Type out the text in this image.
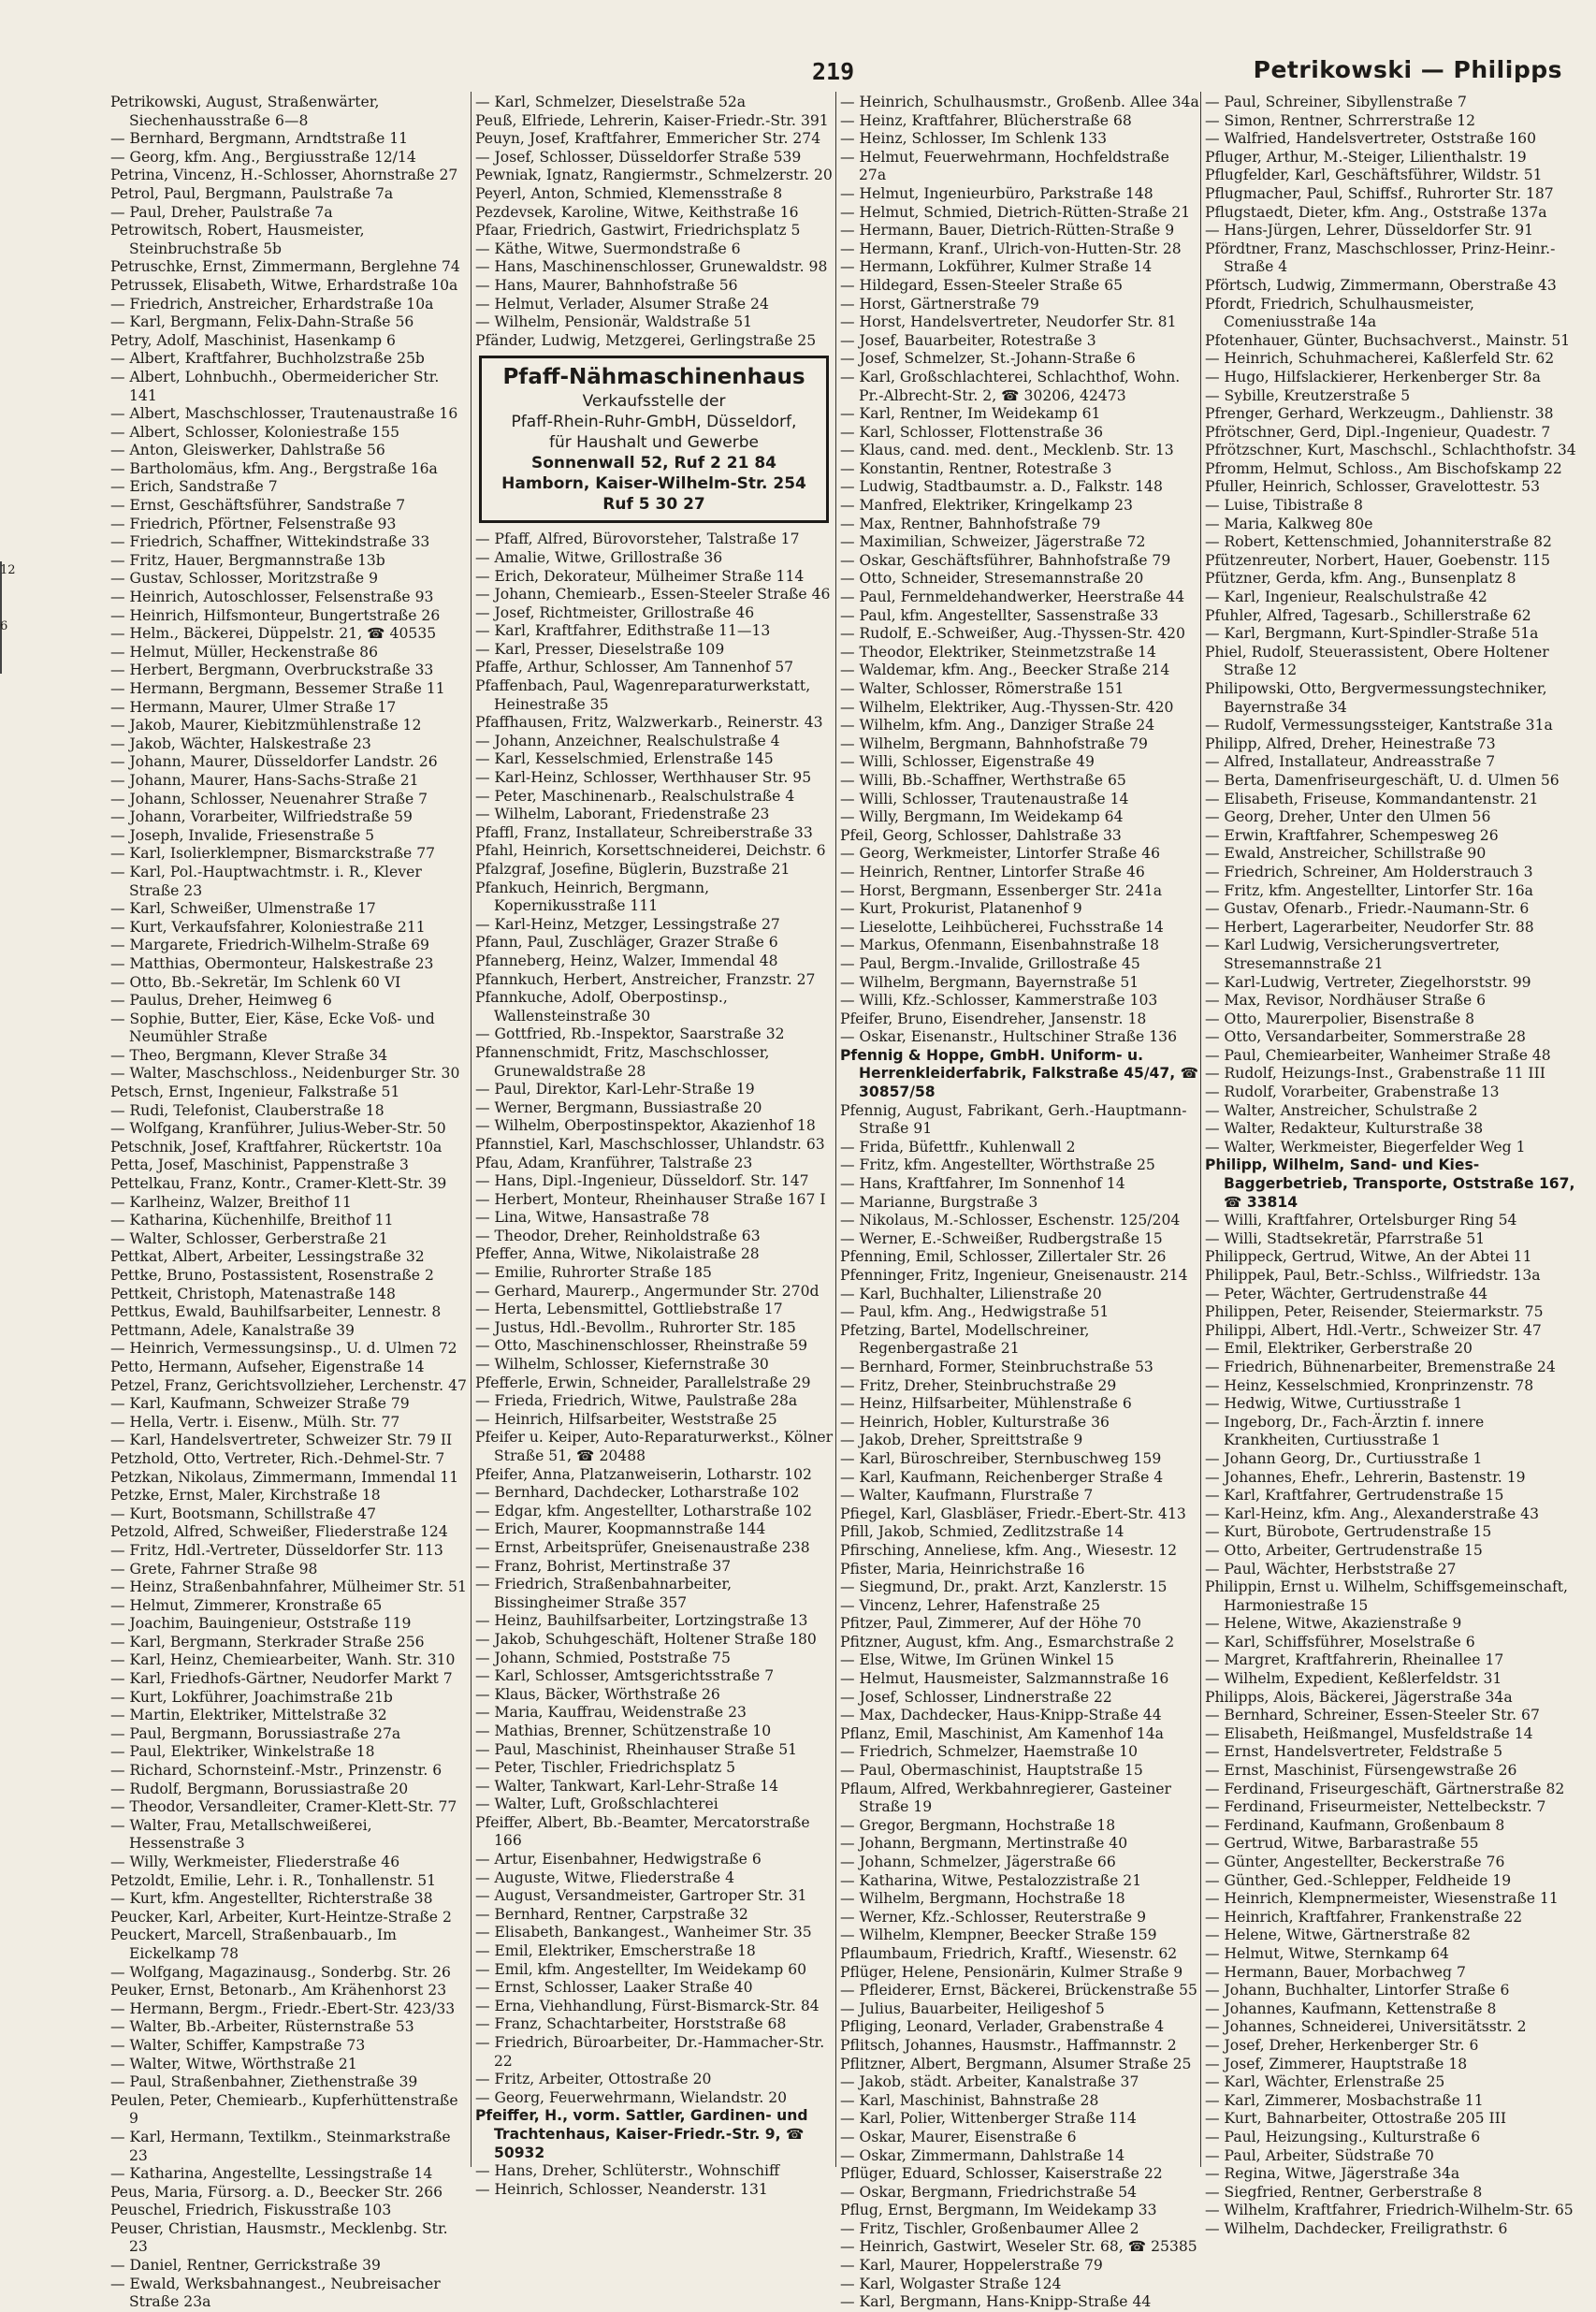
12
6
219	Petrikowski — Philipps

Petrikowski, August, Straßenwärter, Siechenhausstraße 6—8

— Bernhard, Bergmann, Arndtstraße 11

— Georg, kfm. Ang., Bergiusstraße 12/14

Petrina, Vincenz, H.-Schlosser, Ahornstraße 27

Petrol, Paul, Bergmann, Paulstraße 7a

— Paul, Dreher, Paulstraße 7a

Petrowitsch, Robert, Hausmeister, Steinbruchstraße 5b

Petruschke, Ernst, Zimmermann, Berglehne 74

Petrussek, Elisabeth, Witwe, Erhardstraße 10a

— Friedrich, Anstreicher, Erhardstraße 10a

— Karl, Bergmann, Felix-Dahn-Straße 56

Petry, Adolf, Maschinist, Hasenkamp 6

— Albert, Kraftfahrer, Buchholzstraße 25b

— Albert, Lohnbuchh., Obermeidericher Str. 141

— Albert, Maschschlosser, Trautenaustraße 16

— Albert, Schlosser, Koloniestraße 155

— Anton, Gleiswerker, Dahlstraße 56

— Bartholomäus, kfm. Ang., Bergstraße 16a

— Erich, Sandstraße 7

— Ernst, Geschäftsführer, Sandstraße 7

— Friedrich, Pförtner, Felsenstraße 93

— Friedrich, Schaffner, Wittekindstraße 33

— Fritz, Hauer, Bergmannstraße 13b

— Gustav, Schlosser, Moritzstraße 9

— Heinrich, Autoschlosser, Felsenstraße 93

— Heinrich, Hilfsmonteur, Bungertstraße 26

— Helm., Bäckerei, Düppelstr. 21, ☎ 40535

— Helmut, Müller, Heckenstraße 86

— Herbert, Bergmann, Overbruckstraße 33

— Hermann, Bergmann, Bessemer Straße 11

— Hermann, Maurer, Ulmer Straße 17

— Jakob, Maurer, Kiebitzmühlenstraße 12

— Jakob, Wächter, Halskestraße 23

— Johann, Maurer, Düsseldorfer Landstr. 26

— Johann, Maurer, Hans-Sachs-Straße 21

— Johann, Schlosser, Neuenahrer Straße 7

— Johann, Vorarbeiter, Wilfriedstraße 59

— Joseph, Invalide, Friesenstraße 5

— Karl, Isolierklempner, Bismarckstraße 77

— Karl, Pol.-Hauptwachtmstr. i. R., Klever Straße 23

— Karl, Schweißer, Ulmenstraße 17

— Kurt, Verkaufsfahrer, Koloniestraße 211

— Margarete, Friedrich-Wilhelm-Straße 69

— Matthias, Obermonteur, Halskestraße 23

— Otto, Bb.-Sekretär, Im Schlenk 60 VI

— Paulus, Dreher, Heimweg 6

— Sophie, Butter, Eier, Käse, Ecke Voß- und Neumühler Straße

— Theo, Bergmann, Klever Straße 34

— Walter, Maschschloss., Neidenburger Str. 30

Petsch, Ernst, Ingenieur, Falkstraße 51

— Rudi, Telefonist, Clauberstraße 18

— Wolfgang, Kranführer, Julius-Weber-Str. 50

Petschnik, Josef, Kraftfahrer, Rückertstr. 10a

Petta, Josef, Maschinist, Pappenstraße 3

Pettelkau, Franz, Kontr., Cramer-Klett-Str. 39

— Karlheinz, Walzer, Breithof 11

— Katharina, Küchenhilfe, Breithof 11

— Walter, Schlosser, Gerberstraße 21

Pettkat, Albert, Arbeiter, Lessingstraße 32

Pettke, Bruno, Postassistent, Rosenstraße 2

Pettkeit, Christoph, Matenastraße 148

Pettkus, Ewald, Bauhilfsarbeiter, Lennestr. 8

Pettmann, Adele, Kanalstraße 39

— Heinrich, Vermessungsinsp., U. d. Ulmen 72

Petto, Hermann, Aufseher, Eigenstraße 14

Petzel, Franz, Gerichtsvollzieher, Lerchenstr. 47

— Karl, Kaufmann, Schweizer Straße 79

— Hella, Vertr. i. Eisenw., Mülh. Str. 77

— Karl, Handelsvertreter, Schweizer Str. 79 II

Petzhold, Otto, Vertreter, Rich.-Dehmel-Str. 7

Petzkan, Nikolaus, Zimmermann, Immendal 11

Petzke, Ernst, Maler, Kirchstraße 18

— Kurt, Bootsmann, Schillstraße 47

Petzold, Alfred, Schweißer, Fliederstraße 124

— Fritz, Hdl.-Vertreter, Düsseldorfer Str. 113

— Grete, Fahrner Straße 98

— Heinz, Straßenbahnfahrer, Mülheimer Str. 51

— Helmut, Zimmerer, Kronstraße 65

— Joachim, Bauingenieur, Oststraße 119

— Karl, Bergmann, Sterkrader Straße 256

— Karl, Heinz, Chemiearbeiter, Wanh. Str. 310

— Karl, Friedhofs-Gärtner, Neudorfer Markt 7

— Kurt, Lokführer, Joachimstraße 21b

— Martin, Elektriker, Mittelstraße 32

— Paul, Bergmann, Borussiastraße 27a

— Paul, Elektriker, Winkelstraße 18

— Richard, Schornsteinf.-Mstr., Prinzenstr. 6

— Rudolf, Bergmann, Borussiastraße 20

— Theodor, Versandleiter, Cramer-Klett-Str. 77

— Walter, Frau, Metallschweißerei, Hessenstraße 3

— Willy, Werkmeister, Fliederstraße 46

Petzoldt, Emilie, Lehr. i. R., Tonhallenstr. 51

— Kurt, kfm. Angestellter, Richterstraße 38

Peucker, Karl, Arbeiter, Kurt-Heintze-Straße 2

Peuckert, Marcell, Straßenbauarb., Im Eickelkamp 78

— Wolfgang, Magazinausg., Sonderbg. Str. 26

Peuker, Ernst, Betonarb., Am Krähenhorst 23

— Hermann, Bergm., Friedr.-Ebert-Str. 423/33

— Walter, Bb.-Arbeiter, Rüsternstraße 53

— Walter, Schiffer, Kampstraße 73

— Walter, Witwe, Wörthstraße 21

— Paul, Straßenbahner, Ziethenstraße 39

Peulen, Peter, Chemiearb., Kupferhüttenstraße 9

— Karl, Hermann, Textilkm., Steinmarkstraße 23

— Katharina, Angestellte, Lessingstraße 14

Peus, Maria, Fürsorg. a. D., Beecker Str. 266

Peuschel, Friedrich, Fiskusstraße 103

Peuser, Christian, Hausmstr., Mecklenbg. Str. 23

— Daniel, Rentner, Gerrickstraße 39

— Ewald, Werksbahnangest., Neubreisacher Straße 23a

— Karl, Schmelzer, Dieselstraße 52a

Peuß, Elfriede, Lehrerin, Kaiser-Friedr.-Str. 391

Peuyn, Josef, Kraftfahrer, Emmericher Str. 274

— Josef, Schlosser, Düsseldorfer Straße 539

Pewniak, Ignatz, Rangiermstr., Schmelzerstr. 20

Peyerl, Anton, Schmied, Klemensstraße 8

Pezdevsek, Karoline, Witwe, Keithstraße 16

Pfaar, Friedrich, Gastwirt, Friedrichsplatz 5

— Käthe, Witwe, Suermondstraße 6

— Hans, Maschinenschlosser, Grunewaldstr. 98

— Hans, Maurer, Bahnhofstraße 56

— Helmut, Verlader, Alsumer Straße 24

— Wilhelm, Pensionär, Waldstraße 51

Pfänder, Ludwig, Metzgerei, Gerlingstraße 25

Pfaff-Nähmaschinenhaus
Verkaufsstelle der
Pfaff-Rhein-Ruhr-GmbH, Düsseldorf,
für Haushalt und Gewerbe
Sonnenwall 52, Ruf 2 21 84
Hamborn, Kaiser-Wilhelm-Str. 254
Ruf 5 30 27

— Pfaff, Alfred, Bürovorsteher, Talstraße 17

— Amalie, Witwe, Grillostraße 36

— Erich, Dekorateur, Mülheimer Straße 114

— Johann, Chemiearb., Essen-Steeler Straße 46

— Josef, Richtmeister, Grillostraße 46

— Karl, Kraftfahrer, Edithstraße 11—13

— Karl, Presser, Dieselstraße 109

Pfaffe, Arthur, Schlosser, Am Tannenhof 57

Pfaffenbach, Paul, Wagenreparaturwerkstatt, Heinestraße 35

Pfaffhausen, Fritz, Walzwerkarb., Reinerstr. 43

— Johann, Anzeichner, Realschulstraße 4

— Karl, Kesselschmied, Erlenstraße 145

— Karl-Heinz, Schlosser, Werthhauser Str. 95

— Peter, Maschinenarb., Realschulstraße 4

— Wilhelm, Laborant, Friedenstraße 23

Pfaffl, Franz, Installateur, Schreiberstraße 33

Pfahl, Heinrich, Korsettschneiderei, Deichstr. 6

Pfalzgraf, Josefine, Büglerin, Buzstraße 21

Pfankuch, Heinrich, Bergmann, Kopernikusstraße 111

— Karl-Heinz, Metzger, Lessingstraße 27

Pfann, Paul, Zuschläger, Grazer Straße 6

Pfanneberg, Heinz, Walzer, Immendal 48

Pfannkuch, Herbert, Anstreicher, Franzstr. 27

Pfannkuche, Adolf, Oberpostinsp., Wallensteinstraße 30

— Gottfried, Rb.-Inspektor, Saarstraße 32

Pfannenschmidt, Fritz, Maschschlosser, Grunewaldstraße 28

— Paul, Direktor, Karl-Lehr-Straße 19

— Werner, Bergmann, Bussiastraße 20

— Wilhelm, Oberpostinspektor, Akazienhof 18

Pfannstiel, Karl, Maschschlosser, Uhlandstr. 63

Pfau, Adam, Kranführer, Talstraße 23

— Hans, Dipl.-Ingenieur, Düsseldorf. Str. 147

— Herbert, Monteur, Rheinhauser Straße 167 I

— Lina, Witwe, Hansastraße 78

— Theodor, Dreher, Reinholdstraße 63

Pfeffer, Anna, Witwe, Nikolaistraße 28

— Emilie, Ruhrorter Straße 185

— Gerhard, Maurerp., Angermunder Str. 270d

— Herta, Lebensmittel, Gottliebstraße 17

— Justus, Hdl.-Bevollm., Ruhrorter Str. 185

— Otto, Maschinenschlosser, Rheinstraße 59

— Wilhelm, Schlosser, Kiefernstraße 30

Pfefferle, Erwin, Schneider, Parallelstraße 29

— Frieda, Friedrich, Witwe, Paulstraße 28a

— Heinrich, Hilfsarbeiter, Weststraße 25

Pfeifer u. Keiper, Auto-Reparaturwerkst., Kölner Straße 51, ☎ 20488

Pfeifer, Anna, Platzanweiserin, Lotharstr. 102

— Bernhard, Dachdecker, Lotharstraße 102

— Edgar, kfm. Angestellter, Lotharstraße 102

— Erich, Maurer, Koopmannstraße 144

— Ernst, Arbeitsprüfer, Gneisenaustraße 238

— Franz, Bohrist, Mertinstraße 37

— Friedrich, Straßenbahnarbeiter, Bissingheimer Straße 357

— Heinz, Bauhilfsarbeiter, Lortzingstraße 13

— Jakob, Schuhgeschäft, Holtener Straße 180

— Johann, Schmied, Poststraße 75

— Karl, Schlosser, Amtsgerichtsstraße 7

— Klaus, Bäcker, Wörthstraße 26

— Maria, Kauffrau, Weidenstraße 23

— Mathias, Brenner, Schützenstraße 10

— Paul, Maschinist, Rheinhauser Straße 51

— Peter, Tischler, Friedrichsplatz 5

— Walter, Tankwart, Karl-Lehr-Straße 14

— Walter, Luft, Großschlachterei

Pfeiffer, Albert, Bb.-Beamter, Mercatorstraße 166

— Artur, Eisenbahner, Hedwigstraße 6

— Auguste, Witwe, Fliederstraße 4

— August, Versandmeister, Gartroper Str. 31

— Bernhard, Rentner, Carpstraße 32

— Elisabeth, Bankangest., Wanheimer Str. 35

— Emil, Elektriker, Emscherstraße 18

— Emil, kfm. Angestellter, Im Weidekamp 60

— Ernst, Schlosser, Laaker Straße 40

— Erna, Viehhandlung, Fürst-Bismarck-Str. 84

— Franz, Schachtarbeiter, Horststraße 68

— Friedrich, Büroarbeiter, Dr.-Hammacher-Str. 22

— Fritz, Arbeiter, Ottostraße 20

— Georg, Feuerwehrmann, Wielandstr. 20

Pfeiffer, H., vorm. Sattler, Gardinen- und Trachtenhaus, Kaiser-Friedr.-Str. 9, ☎ 50932

— Hans, Dreher, Schlüterstr., Wohnschiff

— Heinrich, Schlosser, Neanderstr. 131

— Heinrich, Schulhausmstr., Großenb. Allee 34a

— Heinz, Kraftfahrer, Blücherstraße 68

— Heinz, Schlosser, Im Schlenk 133

— Helmut, Feuerwehrmann, Hochfeldstraße 27a

— Helmut, Ingenieurbüro, Parkstraße 148

— Helmut, Schmied, Dietrich-Rütten-Straße 21

— Hermann, Bauer, Dietrich-Rütten-Straße 9

— Hermann, Kranf., Ulrich-von-Hutten-Str. 28

— Hermann, Lokführer, Kulmer Straße 14

— Hildegard, Essen-Steeler Straße 65

— Horst, Gärtnerstraße 79

— Horst, Handelsvertreter, Neudorfer Str. 81

— Josef, Bauarbeiter, Rotestraße 3

— Josef, Schmelzer, St.-Johann-Straße 6

— Karl, Großschlachterei, Schlachthof, Wohn. Pr.-Albrecht-Str. 2, ☎ 30206, 42473

— Karl, Rentner, Im Weidekamp 61

— Karl, Schlosser, Flottenstraße 36

— Klaus, cand. med. dent., Mecklenb. Str. 13

— Konstantin, Rentner, Rotestraße 3

— Ludwig, Stadtbaumstr. a. D., Falkstr. 148

— Manfred, Elektriker, Kringelkamp 23

— Max, Rentner, Bahnhofstraße 79

— Maximilian, Schweizer, Jägerstraße 72

— Oskar, Geschäftsführer, Bahnhofstraße 79

— Otto, Schneider, Stresemannstraße 20

— Paul, Fernmeldehandwerker, Heerstraße 44

— Paul, kfm. Angestellter, Sassenstraße 33

— Rudolf, E.-Schweißer, Aug.-Thyssen-Str. 420

— Theodor, Elektriker, Steinmetzstraße 14

— Waldemar, kfm. Ang., Beecker Straße 214

— Walter, Schlosser, Römerstraße 151

— Wilhelm, Elektriker, Aug.-Thyssen-Str. 420

— Wilhelm, kfm. Ang., Danziger Straße 24

— Wilhelm, Bergmann, Bahnhofstraße 79

— Willi, Schlosser, Eigenstraße 49

— Willi, Bb.-Schaffner, Werthstraße 65

— Willi, Schlosser, Trautenaustraße 14

— Willy, Bergmann, Im Weidekamp 64

Pfeil, Georg, Schlosser, Dahlstraße 33

— Georg, Werkmeister, Lintorfer Straße 46

— Heinrich, Rentner, Lintorfer Straße 46

— Horst, Bergmann, Essenberger Str. 241a

— Kurt, Prokurist, Platanenhof 9

— Lieselotte, Leihbücherei, Fuchsstraße 14

— Markus, Ofenmann, Eisenbahnstraße 18

— Paul, Bergm.-Invalide, Grillostraße 45

— Wilhelm, Bergmann, Bayernstraße 51

— Willi, Kfz.-Schlosser, Kammerstraße 103

Pfeifer, Bruno, Eisendreher, Jansenstr. 18

— Oskar, Eisenanstr., Hultschiner Straße 136

Pfennig & Hoppe, GmbH. Uniform- u. Herrenkleiderfabrik, Falkstraße 45/47, ☎ 30857/58

Pfennig, August, Fabrikant, Gerh.-Hauptmann-Straße 91

— Frida, Büfettfr., Kuhlenwall 2

— Fritz, kfm. Angestellter, Wörthstraße 25

— Hans, Kraftfahrer, Im Sonnenhof 14

— Marianne, Burgstraße 3

— Nikolaus, M.-Schlosser, Eschenstr. 125/204

— Werner, E.-Schweißer, Rudbergstraße 15

Pfenning, Emil, Schlosser, Zillertaler Str. 26

Pfenninger, Fritz, Ingenieur, Gneisenaustr. 214

— Karl, Buchhalter, Lilienstraße 20

— Paul, kfm. Ang., Hedwigstraße 51

Pfetzing, Bartel, Modellschreiner, Regenbergastraße 21

— Bernhard, Former, Steinbruchstraße 53

— Fritz, Dreher, Steinbruchstraße 29

— Heinz, Hilfsarbeiter, Mühlenstraße 6

— Heinrich, Hobler, Kulturstraße 36

— Jakob, Dreher, Spreittstraße 9

— Karl, Büroschreiber, Sternbuschweg 159

— Karl, Kaufmann, Reichenberger Straße 4

— Walter, Kaufmann, Flurstraße 7

Pfiegel, Karl, Glasbläser, Friedr.-Ebert-Str. 413

Pfill, Jakob, Schmied, Zedlitzstraße 14

Pfirsching, Anneliese, kfm. Ang., Wiesestr. 12

Pfister, Maria, Heinrichstraße 16

— Siegmund, Dr., prakt. Arzt, Kanzlerstr. 15

— Vincenz, Lehrer, Hafenstraße 25

Pfitzer, Paul, Zimmerer, Auf der Höhe 70

Pfitzner, August, kfm. Ang., Esmarchstraße 2

— Else, Witwe, Im Grünen Winkel 15

— Helmut, Hausmeister, Salzmannstraße 16

— Josef, Schlosser, Lindnerstraße 22

— Max, Dachdecker, Haus-Knipp-Straße 44

Pflanz, Emil, Maschinist, Am Kamenhof 14a

— Friedrich, Schmelzer, Haemstraße 10

— Paul, Obermaschinist, Hauptstraße 15

Pflaum, Alfred, Werkbahnregierer, Gasteiner Straße 19

— Gregor, Bergmann, Hochstraße 18

— Johann, Bergmann, Mertinstraße 40

— Johann, Schmelzer, Jägerstraße 66

— Katharina, Witwe, Pestalozzistraße 21

— Wilhelm, Bergmann, Hochstraße 18

— Werner, Kfz.-Schlosser, Reuterstraße 9

— Wilhelm, Klempner, Beecker Straße 159

Pflaumbaum, Friedrich, Kraftf., Wiesenstr. 62

Pflüger, Helene, Pensionärin, Kulmer Straße 9

— Pfleiderer, Ernst, Bäckerei, Brückenstraße 55

— Julius, Bauarbeiter, Heiligeshof 5

Pfliging, Leonard, Verlader, Grabenstraße 4

Pflitsch, Johannes, Hausmstr., Haffmannstr. 2

Pflitzner, Albert, Bergmann, Alsumer Straße 25

— Jakob, städt. Arbeiter, Kanalstraße 37

— Karl, Maschinist, Bahnstraße 28

— Karl, Polier, Wittenberger Straße 114

— Oskar, Maurer, Eisenstraße 6

— Oskar, Zimmermann, Dahlstraße 14

Pflüger, Eduard, Schlosser, Kaiserstraße 22

— Oskar, Bergmann, Friedrichstraße 54

Pflug, Ernst, Bergmann, Im Weidekamp 33

— Fritz, Tischler, Großenbaumer Allee 2

— Heinrich, Gastwirt, Weseler Str. 68, ☎ 25385

— Karl, Maurer, Hoppelerstraße 79

— Karl, Wolgaster Straße 124

— Karl, Bergmann, Hans-Knipp-Straße 44

— Paul, Schreiner, Sibyllenstraße 7

— Simon, Rentner, Schrrerstraße 12

— Walfried, Handelsvertreter, Oststraße 160

Pfluger, Arthur, M.-Steiger, Lilienthalstr. 19

Pflugfelder, Karl, Geschäftsführer, Wildstr. 51

Pflugmacher, Paul, Schiffsf., Ruhrorter Str. 187

Pflugstaedt, Dieter, kfm. Ang., Oststraße 137a

— Hans-Jürgen, Lehrer, Düsseldorfer Str. 91

Pfördtner, Franz, Maschschlosser, Prinz-Heinr.-Straße 4

Pförtsch, Ludwig, Zimmermann, Oberstraße 43

Pfordt, Friedrich, Schulhausmeister, Comeniusstraße 14a

Pfotenhauer, Günter, Buchsachverst., Mainstr. 51

— Heinrich, Schuhmacherei, Kaßlerfeld Str. 62

— Hugo, Hilfslackierer, Herkenberger Str. 8a

— Sybille, Kreutzerstraße 5

Pfrenger, Gerhard, Werkzeugm., Dahlienstr. 38

Pfrötschner, Gerd, Dipl.-Ingenieur, Quadestr. 7

Pfrötzschner, Kurt, Maschschl., Schlachthofstr. 34

Pfromm, Helmut, Schloss., Am Bischofskamp 22

Pfuller, Heinrich, Schlosser, Gravelottestr. 53

— Luise, Tibistraße 8

— Maria, Kalkweg 80e

— Robert, Kettenschmied, Johanniterstraße 82

Pfützenreuter, Norbert, Hauer, Goebenstr. 115

Pfützner, Gerda, kfm. Ang., Bunsenplatz 8

— Karl, Ingenieur, Realschulstraße 42

Pfuhler, Alfred, Tagesarb., Schillerstraße 62

— Karl, Bergmann, Kurt-Spindler-Straße 51a

Phiel, Rudolf, Steuerassistent, Obere Holtener Straße 12

Philipowski, Otto, Bergvermessungstechniker, Bayernstraße 34

— Rudolf, Vermessungssteiger, Kantstraße 31a

Philipp, Alfred, Dreher, Heinestraße 73

— Alfred, Installateur, Andreasstraße 7

— Berta, Damenfriseurgeschäft, U. d. Ulmen 56

— Elisabeth, Friseuse, Kommandantenstr. 21

— Georg, Dreher, Unter den Ulmen 56

— Erwin, Kraftfahrer, Schempesweg 26

— Ewald, Anstreicher, Schillstraße 90

— Friedrich, Schreiner, Am Holderstrauch 3

— Fritz, kfm. Angestellter, Lintorfer Str. 16a

— Gustav, Ofenarb., Friedr.-Naumann-Str. 6

— Herbert, Lagerarbeiter, Neudorfer Str. 88

— Karl Ludwig, Versicherungsvertreter, Stresemannstraße 21

— Karl-Ludwig, Vertreter, Ziegelhorststr. 99

— Max, Revisor, Nordhäuser Straße 6

— Otto, Maurerpolier, Bisenstraße 8

— Otto, Versandarbeiter, Sommerstraße 28

— Paul, Chemiearbeiter, Wanheimer Straße 48

— Rudolf, Heizungs-Inst., Grabenstraße 11 III

— Rudolf, Vorarbeiter, Grabenstraße 13

— Walter, Anstreicher, Schulstraße 2

— Walter, Redakteur, Kulturstraße 38

— Walter, Werkmeister, Biegerfelder Weg 1

Philipp, Wilhelm, Sand- und Kies-Baggerbetrieb, Transporte, Oststraße 167, ☎ 33814

— Willi, Kraftfahrer, Ortelsburger Ring 54

— Willi, Stadtsekretär, Pfarrstraße 51

Philippeck, Gertrud, Witwe, An der Abtei 11

Philippek, Paul, Betr.-Schlss., Wilfriedstr. 13a

— Peter, Wächter, Gertrudenstraße 44

Philippen, Peter, Reisender, Steiermarkstr. 75

Philippi, Albert, Hdl.-Vertr., Schweizer Str. 47

— Emil, Elektriker, Gerberstraße 20

— Friedrich, Bühnenarbeiter, Bremenstraße 24

— Heinz, Kesselschmied, Kronprinzenstr. 78

— Hedwig, Witwe, Curtiusstraße 1

— Ingeborg, Dr., Fach-Ärztin f. innere Krankheiten, Curtiusstraße 1

— Johann Georg, Dr., Curtiusstraße 1

— Johannes, Ehefr., Lehrerin, Bastenstr. 19

— Karl, Kraftfahrer, Gertrudenstraße 15

— Karl-Heinz, kfm. Ang., Alexanderstraße 43

— Kurt, Bürobote, Gertrudenstraße 15

— Otto, Arbeiter, Gertrudenstraße 15

— Paul, Wächter, Herbststraße 27

Philippin, Ernst u. Wilhelm, Schiffsgemeinschaft, Harmoniestraße 15

— Helene, Witwe, Akazienstraße 9

— Karl, Schiffsführer, Moselstraße 6

— Margret, Kraftfahrerin, Rheinallee 17

— Wilhelm, Expedient, Keßlerfeldstr. 31

Philipps, Alois, Bäckerei, Jägerstraße 34a

— Bernhard, Schreiner, Essen-Steeler Str. 67

— Elisabeth, Heißmangel, Musfeldstraße 14

— Ernst, Handelsvertreter, Feldstraße 5

— Ernst, Maschinist, Fürsengewstraße 26

— Ferdinand, Friseurgeschäft, Gärtnerstraße 82

— Ferdinand, Friseurmeister, Nettelbeckstr. 7

— Ferdinand, Kaufmann, Großenbaum 8

— Gertrud, Witwe, Barbarastraße 55

— Günter, Angestellter, Beckerstraße 76

— Günther, Ged.-Schlepper, Feldheide 19

— Heinrich, Klempnermeister, Wiesenstraße 11

— Heinrich, Kraftfahrer, Frankenstraße 22

— Helene, Witwe, Gärtnerstraße 82

— Helmut, Witwe, Sternkamp 64

— Hermann, Bauer, Morbachweg 7

— Johann, Buchhalter, Lintorfer Straße 6

— Johannes, Kaufmann, Kettenstraße 8

— Johannes, Schneiderei, Universitätsstr. 2

— Josef, Dreher, Herkenberger Str. 6

— Josef, Zimmerer, Hauptstraße 18

— Karl, Wächter, Erlenstraße 25

— Karl, Zimmerer, Mosbachstraße 11

— Kurt, Bahnarbeiter, Ottostraße 205 III

— Paul, Heizungsing., Kulturstraße 6

— Paul, Arbeiter, Südstraße 70

— Regina, Witwe, Jägerstraße 34a

— Siegfried, Rentner, Gerberstraße 8

— Wilhelm, Kraftfahrer, Friedrich-Wilhelm-Str. 65

— Wilhelm, Dachdecker, Freiligrathstr. 6
